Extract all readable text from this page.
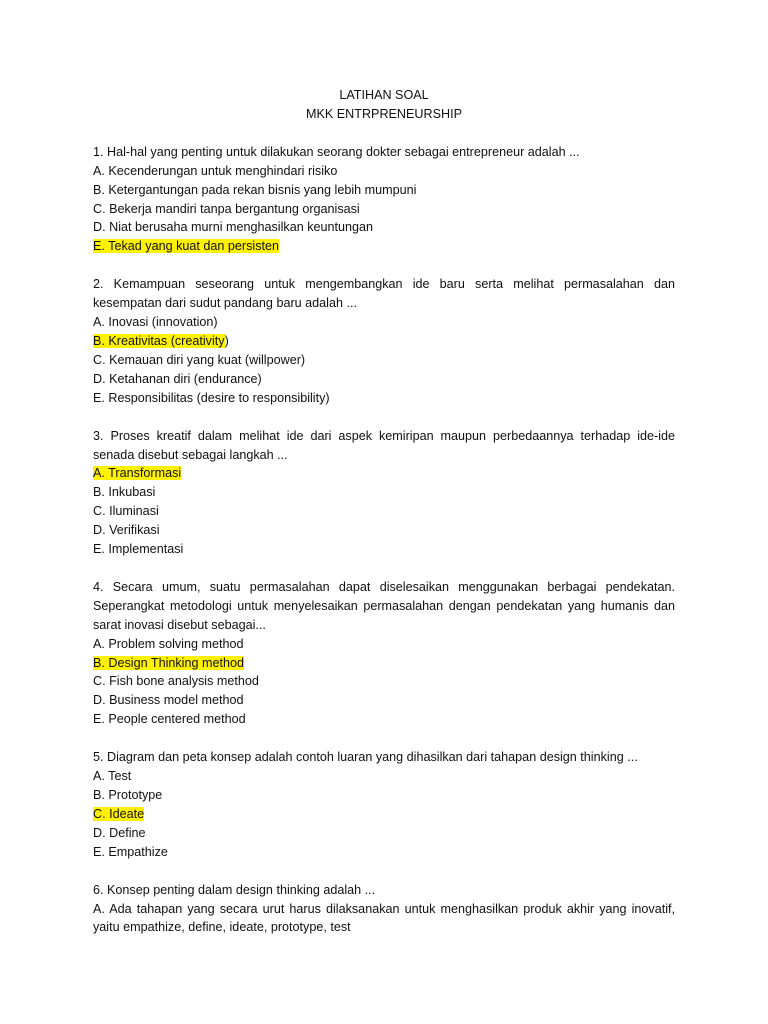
LATIHAN SOAL

MKK ENTRPRENEURSHIP

1. Hal-hal yang penting untuk dilakukan seorang dokter sebagai entrepreneur adalah ...

A. Kecenderungan untuk menghindari risiko

B. Ketergantungan pada rekan bisnis yang lebih mumpuni

C. Bekerja mandiri tanpa bergantung organisasi

D. Niat berusaha murni menghasilkan keuntungan

E. Tekad yang kuat dan persisten

2. Kemampuan seseorang untuk mengembangkan ide baru serta melihat permasalahan dan kesempatan dari sudut pandang baru adalah ...

A. Inovasi (innovation)

B. Kreativitas (creativity)

C. Kemauan diri yang kuat (willpower)

D. Ketahanan diri (endurance)

E. Responsibilitas (desire to responsibility)

3. Proses kreatif dalam melihat ide dari aspek kemiripan maupun perbedaannya terhadap ide-ide senada disebut sebagai langkah ...

A. Transformasi

B. Inkubasi

C. Iluminasi

D. Verifikasi

E. Implementasi

4. Secara umum, suatu permasalahan dapat diselesaikan menggunakan berbagai pendekatan. Seperangkat metodologi untuk menyelesaikan permasalahan dengan pendekatan yang humanis dan sarat inovasi disebut sebagai...

A. Problem solving method

B. Design Thinking method

C. Fish bone analysis method

D. Business model method

E. People centered method

5. Diagram dan peta konsep adalah contoh luaran yang dihasilkan dari tahapan design thinking ...

A. Test

B. Prototype

C. Ideate

D. Define

E. Empathize

6. Konsep penting dalam design thinking adalah ...

A. Ada tahapan yang secara urut harus dilaksanakan untuk menghasilkan produk akhir yang inovatif, yaitu empathize, define, ideate, prototype, test
